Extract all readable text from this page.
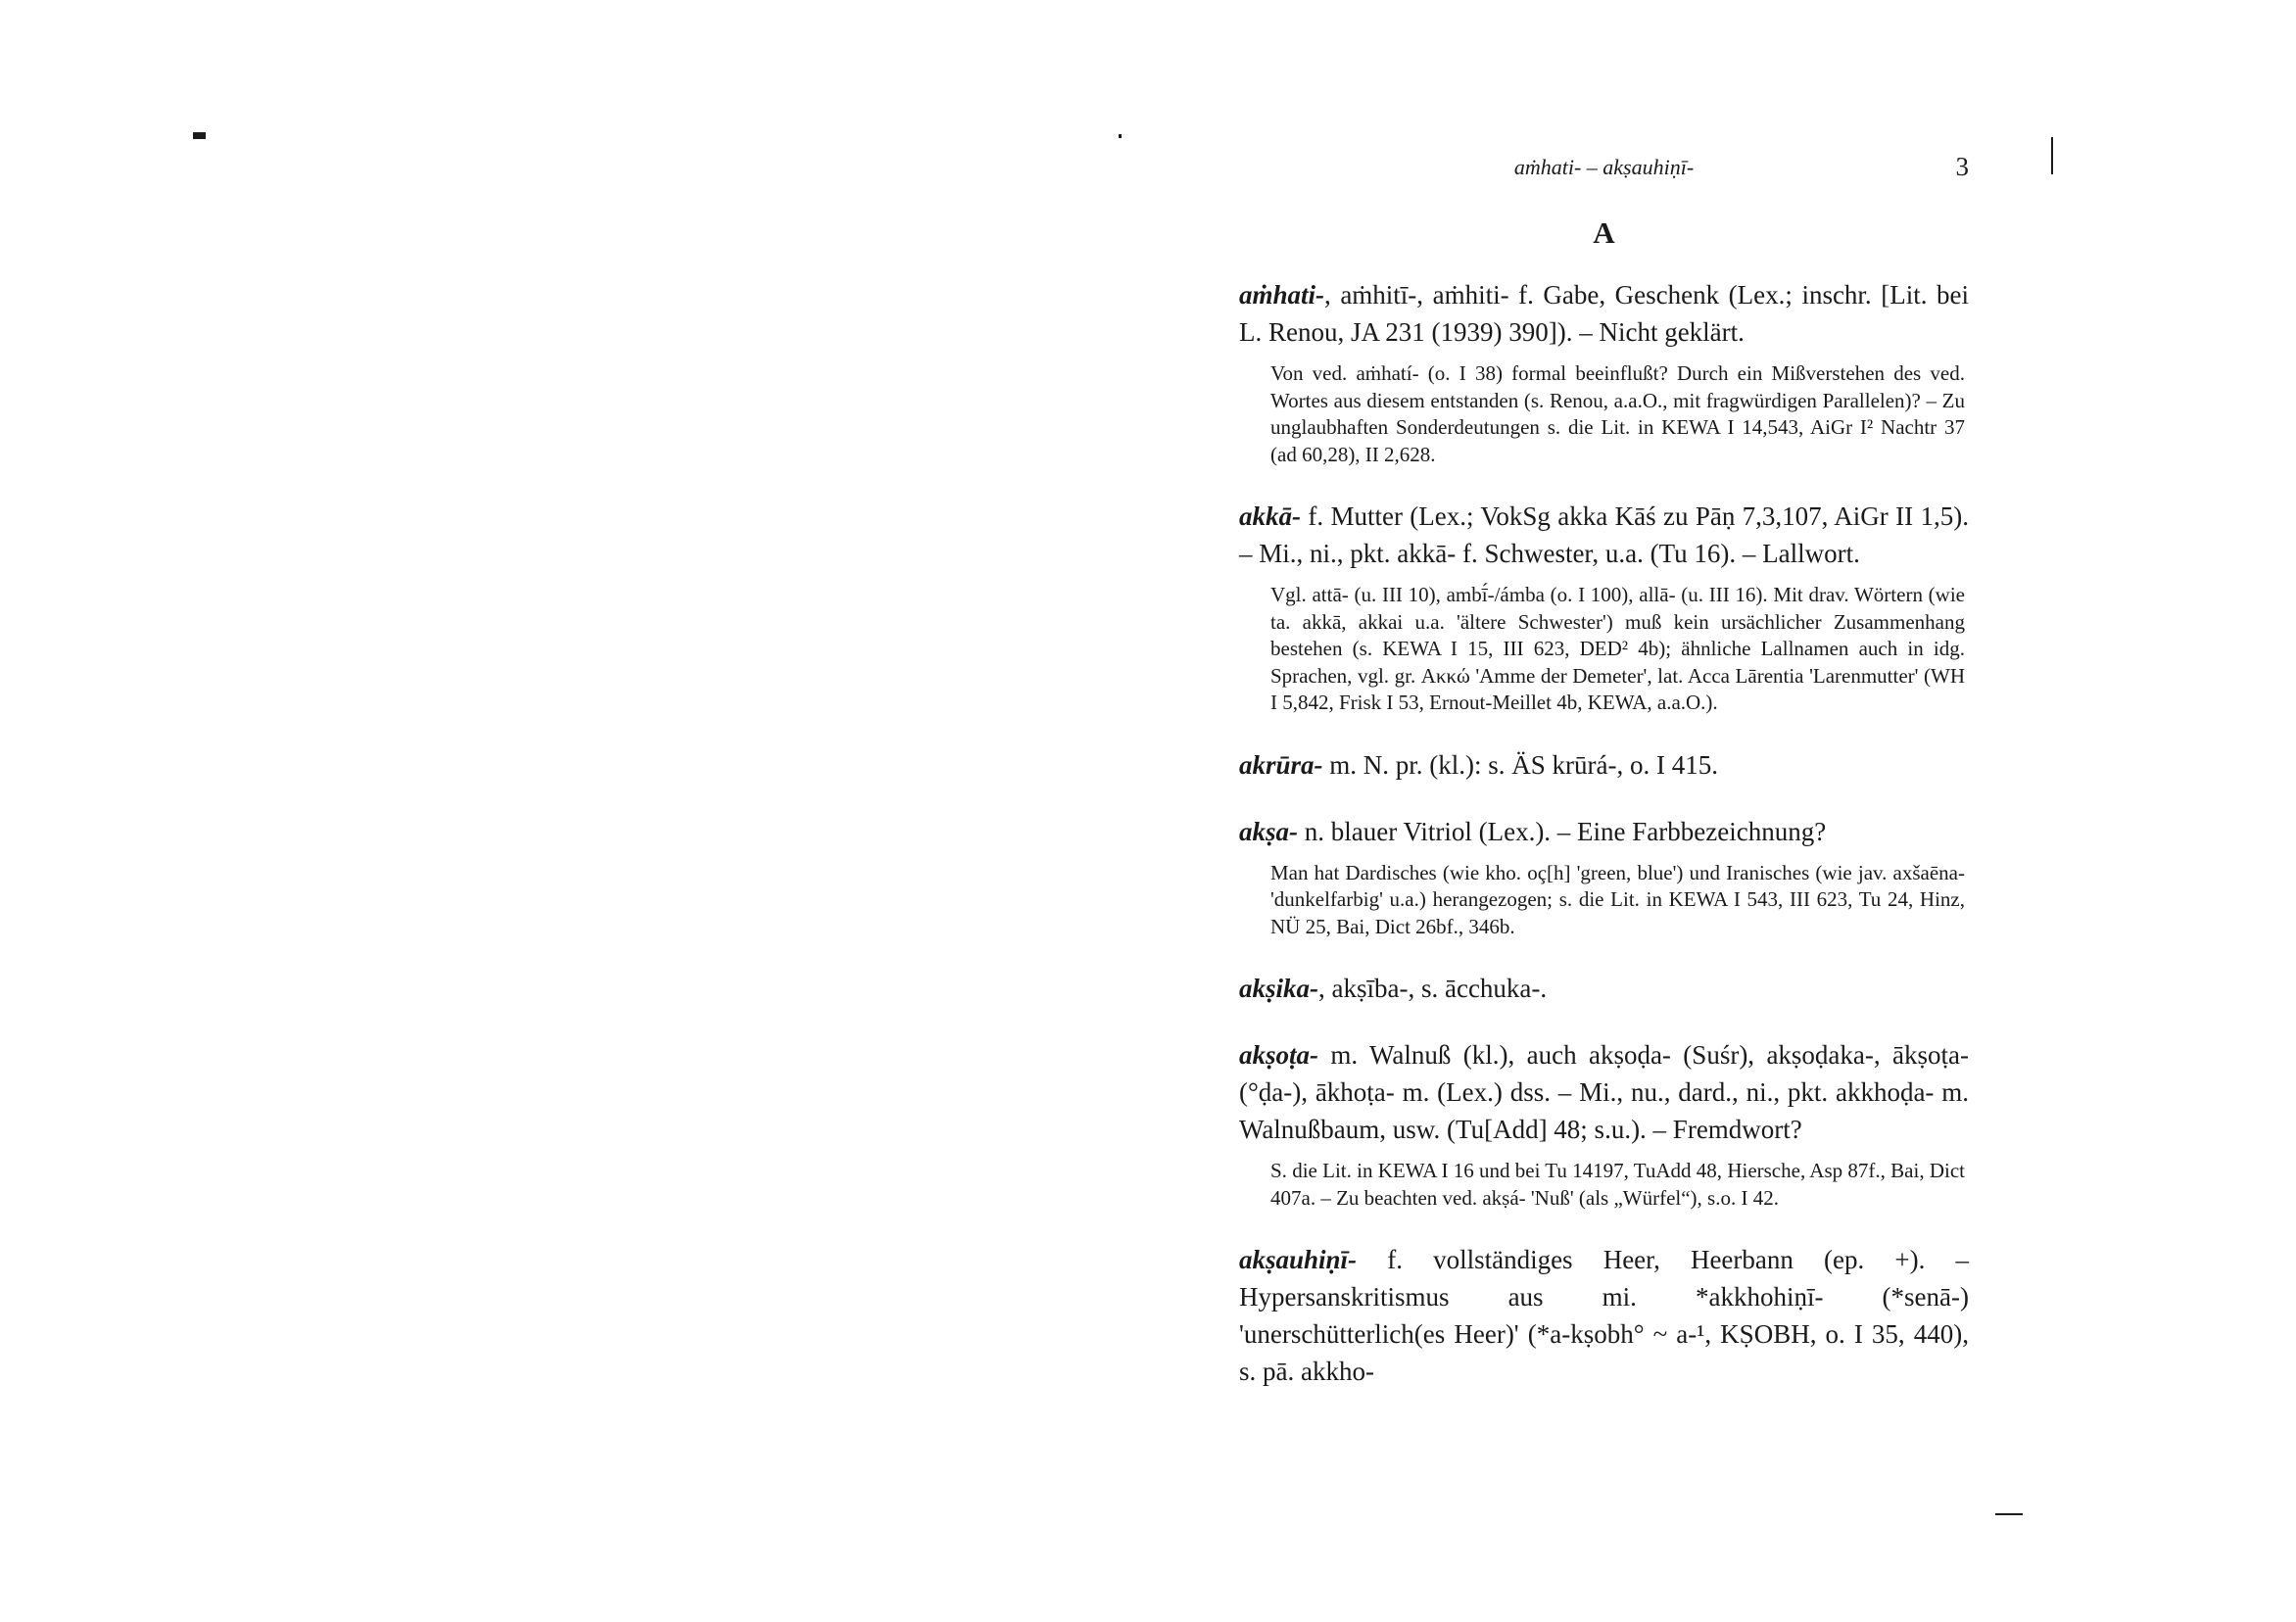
aṁhati- – akṣauhiṇī-	3
A

aṁhati-, aṁhitī-, aṁhiti- f. Gabe, Geschenk (Lex.; inschr. [Lit. bei L. Renou, JA 231 (1939) 390]). – Nicht geklärt.

Von ved. aṁhatí- (o. I 38) formal beeinflußt? Durch ein Mißverstehen des ved. Wortes aus diesem entstanden (s. Renou, a.a.O., mit fragwürdigen Parallelen)? – Zu unglaubhaften Sonderdeutungen s. die Lit. in KEWA I 14,543, AiGr I² Nachtr 37 (ad 60,28), II 2,628.

akkā- f. Mutter (Lex.; VokSg akka Kāś zu Pāṇ 7,3,107, AiGr II 1,5). – Mi., ni., pkt. akkā- f. Schwester, u.a. (Tu 16). – Lallwort.

Vgl. attā- (u. III 10), ambī́-/ámba (o. I 100), allā- (u. III 16). Mit drav. Wörtern (wie ta. akkā, akkai u.a. 'ältere Schwester') muß kein ursächlicher Zusammenhang bestehen (s. KEWA I 15, III 623, DED² 4b); ähnliche Lallnamen auch in idg. Sprachen, vgl. gr. Ακκώ 'Amme der Demeter', lat. Acca Lārentia 'Larenmutter' (WH I 5,842, Frisk I 53, Ernout-Meillet 4b, KEWA, a.a.O.).

akrūra- m. N. pr. (kl.): s. ÄS krūrá-, o. I 415.

akṣa- n. blauer Vitriol (Lex.). – Eine Farbbezeichnung?

Man hat Dardisches (wie kho. oç[h] 'green, blue') und Iranisches (wie jav. axšaēna- 'dunkelfarbig' u.a.) herangezogen; s. die Lit. in KEWA I 543, III 623, Tu 24, Hinz, NÜ 25, Bai, Dict 26bf., 346b.

akṣika-, akṣība-, s. ācchuka-.

akṣoṭa- m. Walnuß (kl.), auch akṣoḍa- (Suśr), akṣoḍaka-, ākṣoṭa- (°ḍa-), ākhoṭa- m. (Lex.) dss. – Mi., nu., dard., ni., pkt. akkhoḍa- m. Walnußbaum, usw. (Tu[Add] 48; s.u.). – Fremdwort?

S. die Lit. in KEWA I 16 und bei Tu 14197, TuAdd 48, Hiersche, Asp 87f., Bai, Dict 407a. – Zu beachten ved. akṣá- 'Nuß' (als „Würfel“), s.o. I 42.

akṣauhiṇī- f. vollständiges Heer, Heerbann (ep. +). – Hypersanskritismus aus mi. *akkhohiṇī- (*senā-) 'unerschütterlich(es Heer)' (*a-kṣobh° ~ a-¹, KṢOBH, o. I 35, 440), s. pā. akkho-
